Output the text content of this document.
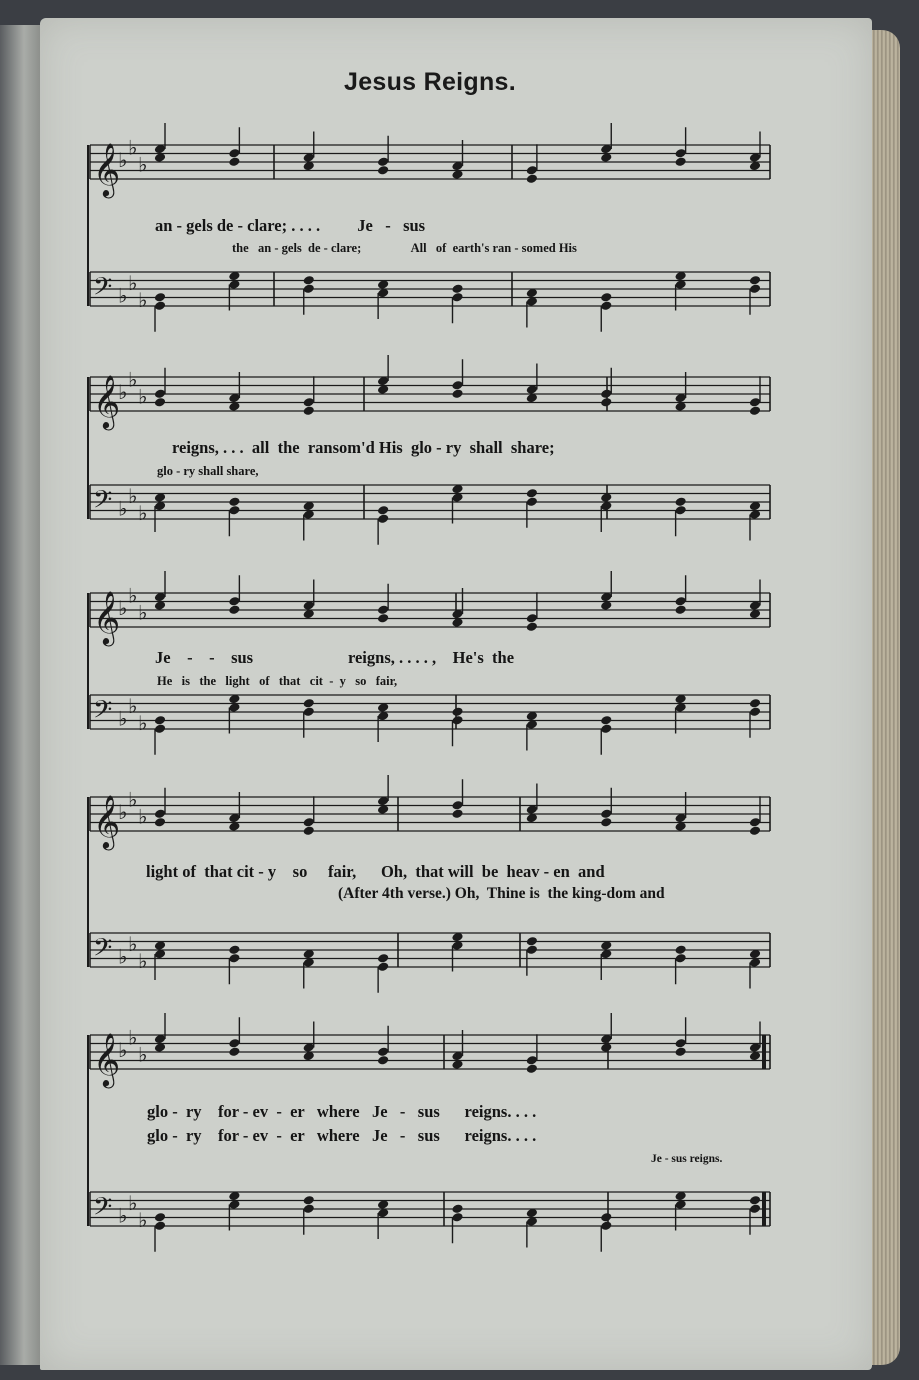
Jesus Reigns.
𝄞
♭
♭
♭
𝄢 ♭
♭
♭
𝄞
♭
♭
♭
𝄢 ♭
♭
♭
𝄞
♭
♭
♭
𝄢 ♭
♭
♭
𝄞
♭
♭
♭
𝄢 ♭
♭
♭
𝄞
♭
♭
♭
𝄢 ♭
♭
♭
an - gels de - clare; . . . .         Je   -   sus
the   an - gels  de - clare;                All   of  earth's ran - somed His
reigns, . . .  all  the  ransom'd His  glo - ry  shall  share;
glo - ry shall share,
Je    -    -    sus                       reigns, . . . . ,    He's  the
He   is   the   light   of   that   cit  -  y   so   fair,
light of  that cit - y    so     fair,      Oh,  that will  be  heav - en  and
(After 4th verse.) Oh,  Thine is  the king-dom and
glo -  ry    for - ev  -  er   where   Je   -   sus      reigns. . . .
glo -  ry    for - ev  -  er   where   Je   -   sus      reigns. . . .
Je - sus reigns.
